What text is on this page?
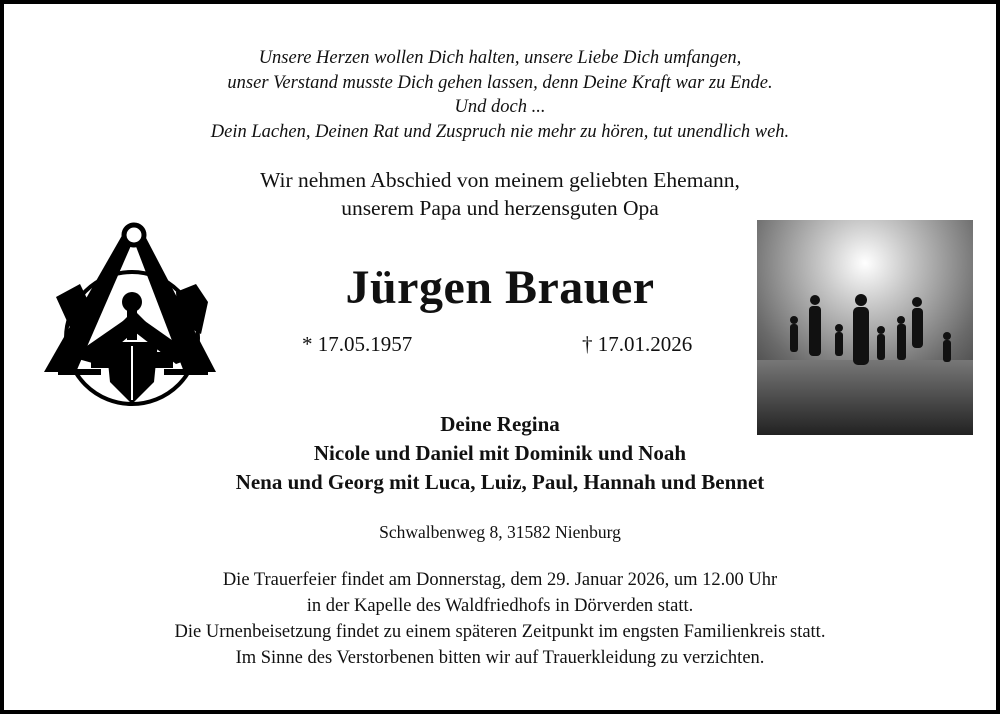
Unsere Herzen wollen Dich halten, unsere Liebe Dich umfangen,
unser Verstand musste Dich gehen lassen, denn Deine Kraft war zu Ende.
Und doch ...
Dein Lachen, Deinen Rat und Zuspruch nie mehr zu hören, tut unendlich weh.
Wir nehmen Abschied von meinem geliebten Ehemann,
unserem Papa und herzensguten Opa
Jürgen Brauer
* 17.05.1957	† 17.01.2026
Deine Regina
Nicole und Daniel mit Dominik und Noah
Nena und Georg mit Luca, Luiz, Paul, Hannah und Bennet
Schwalbenweg 8, 31582 Nienburg
Die Trauerfeier findet am Donnerstag, dem 29. Januar 2026, um 12.00 Uhr
in der Kapelle des Waldfriedhofs in Dörverden statt.
Die Urnenbeisetzung findet zu einem späteren Zeitpunkt im engsten Familienkreis statt.
Im Sinne des Verstorbenen bitten wir auf Trauerkleidung zu verzichten.
